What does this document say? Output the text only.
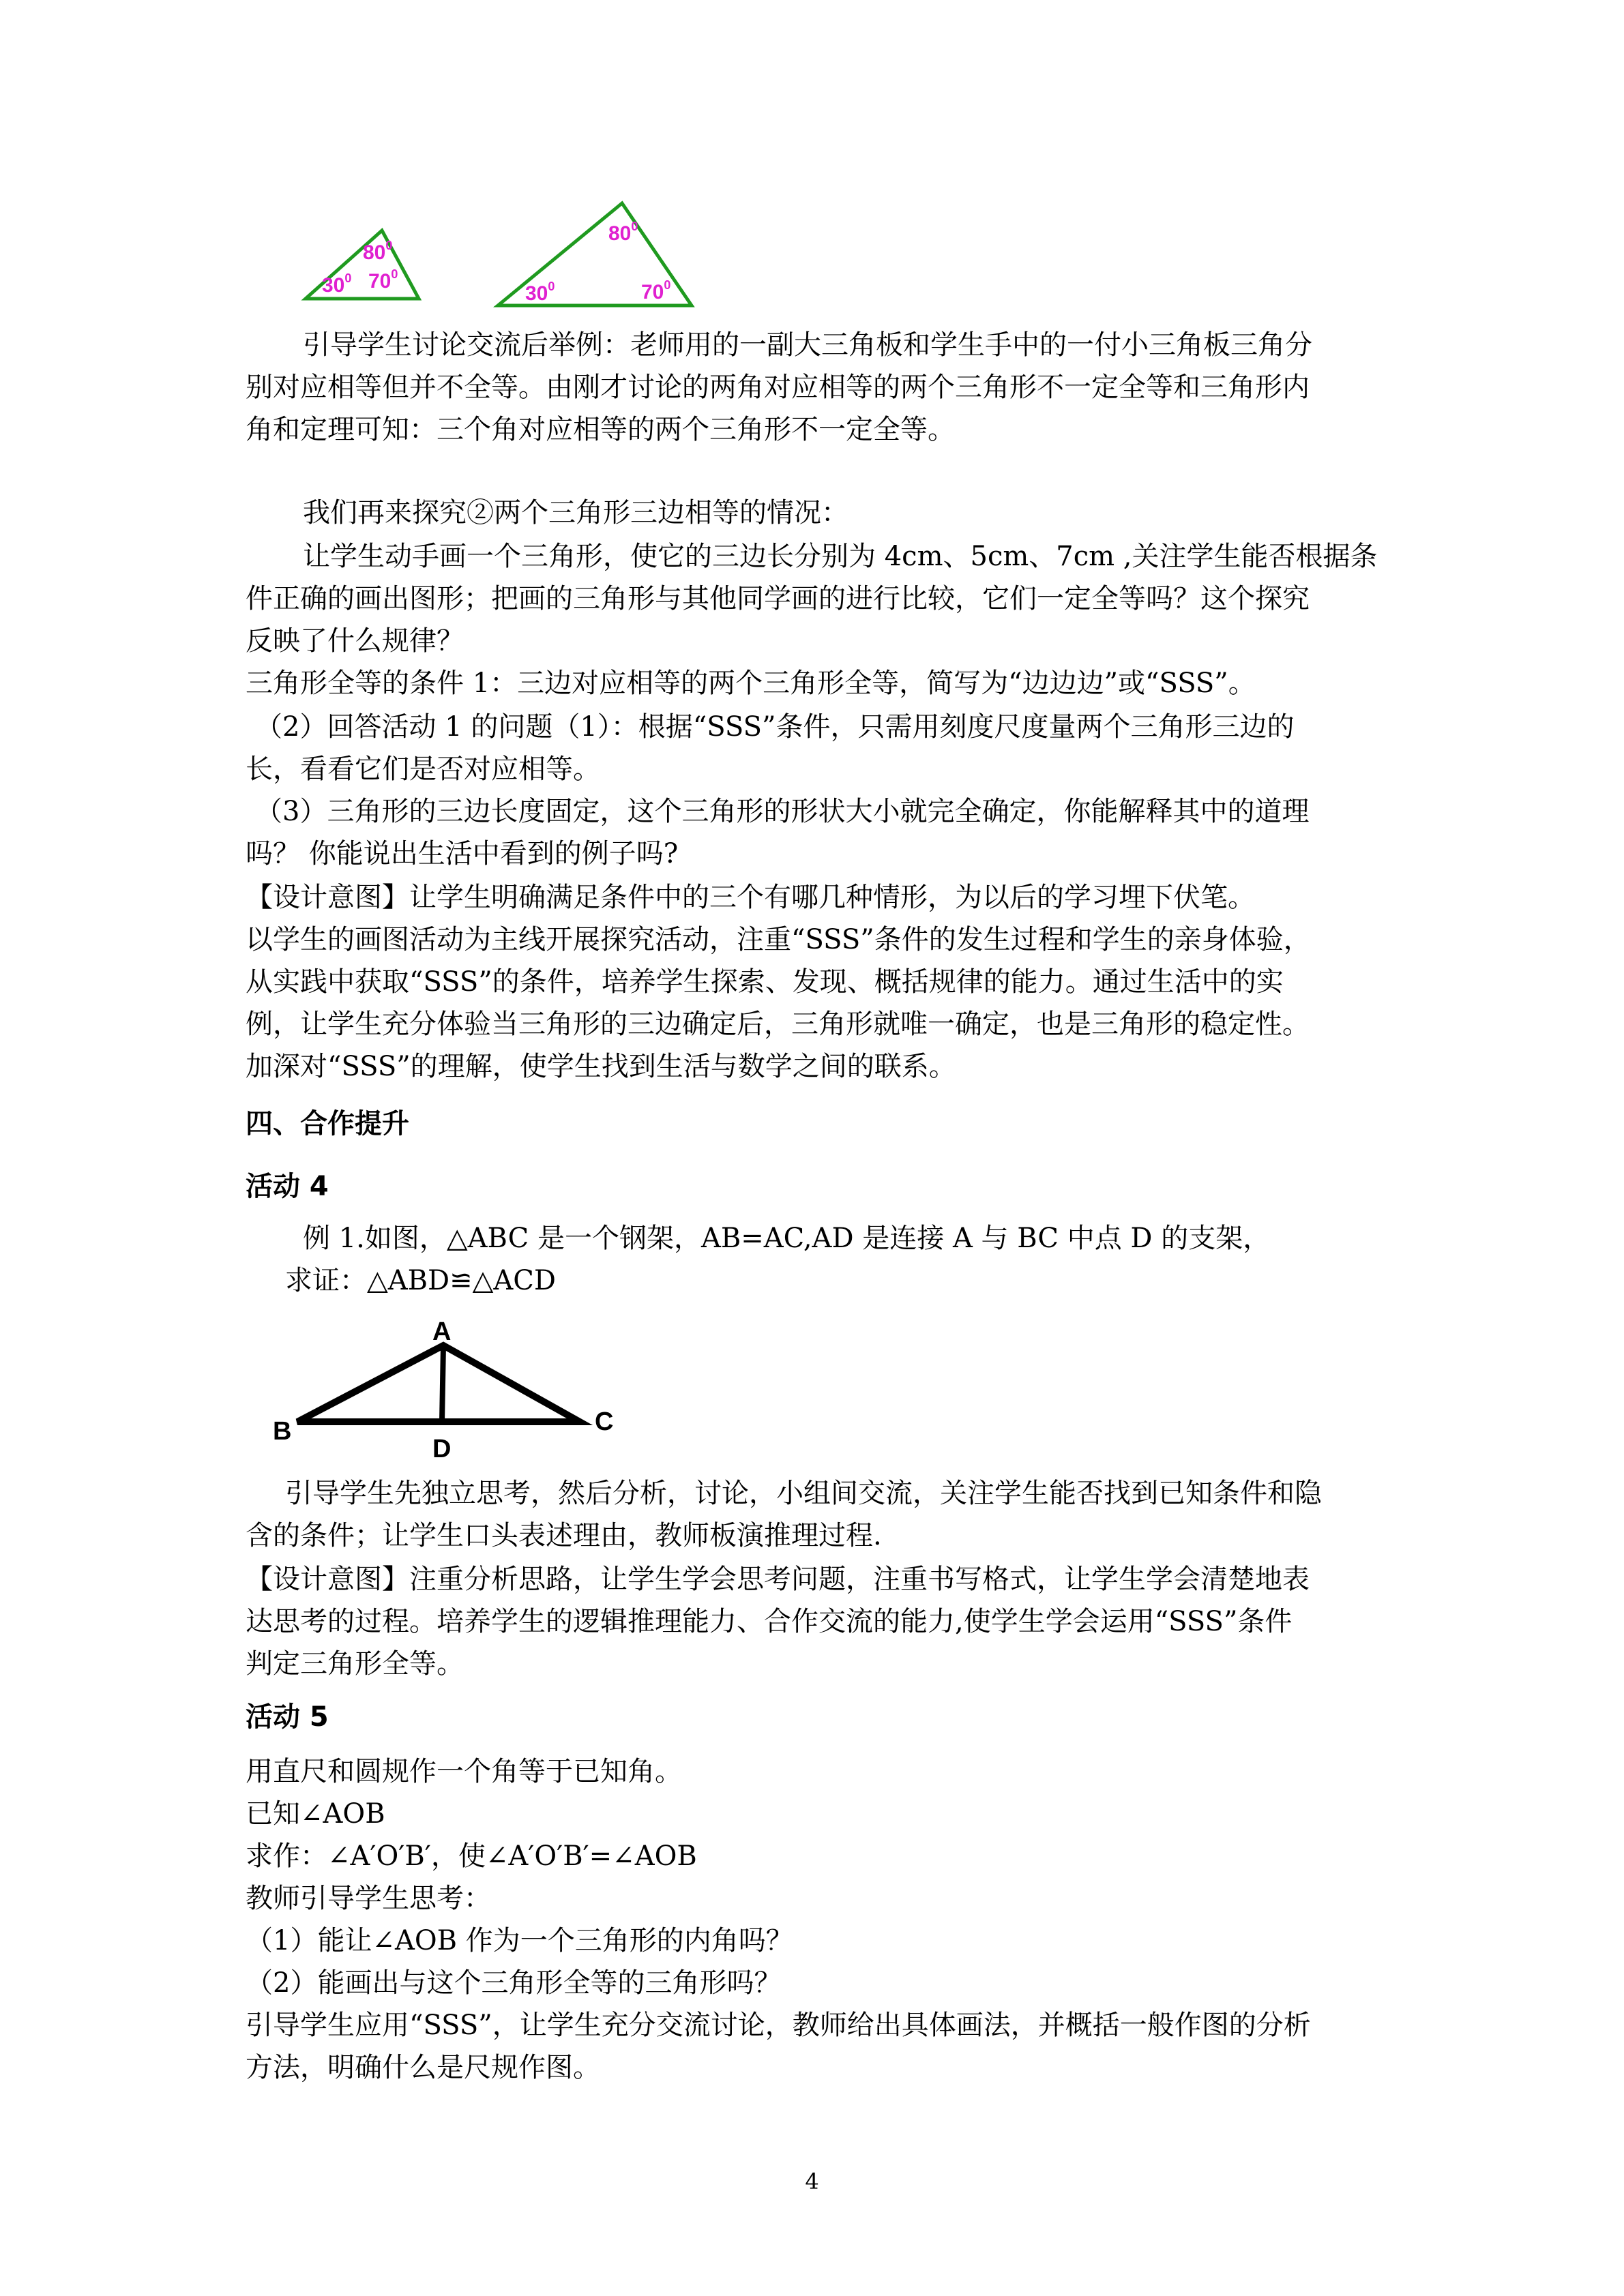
$80^0$
$30^0$ $70^0$
$80^0$
$30^0$	$70^0$
引导学生讨论交流后举例：老师用的一副大三角板和学生手中的一付小三角板三角分
别对应相等但并不全等。由刚才讨论的两角对应相等的两个三角形不一定全等和三角形内
角和定理可知：三个角对应相等的两个三角形不一定全等。
我们再来探究②两个三角形三边相等的情况：
让学生动手画一个三角形，使它的三边长分别为 4cm、5cm、7cm ,关注学生能否根据条
件正确的画出图形；把画的三角形与其他同学画的进行比较，它们一定全等吗？这个探究
反映了什么规律？
三角形全等的条件 1：三边对应相等的两个三角形全等，简写为“边边边”或“SSS”。
（2）回答活动 1 的问题（1）：根据“SSS”条件，只需用刻度尺度量两个三角形三边的
长，看看它们是否对应相等。
（3）三角形的三边长度固定，这个三角形的形状大小就完全确定，你能解释其中的道理
吗？ 你能说出生活中看到的例子吗?
【设计意图】让学生明确满足条件中的三个有哪几种情形，为以后的学习埋下伏笔。
以学生的画图活动为主线开展探究活动，注重“SSS”条件的发生过程和学生的亲身体验，
从实践中获取“SSS”的条件，培养学生探索、发现、概括规律的能力。通过生活中的实
例，让学生充分体验当三角形的三边确定后，三角形就唯一确定，也是三角形的稳定性。
加深对“SSS”的理解，使学生找到生活与数学之间的联系。
四、合作提升
活动 4
例 1.如图，△ABC 是一个钢架，AB=AC,AD 是连接 A 与 BC 中点 D 的支架，
求证：△ABD≌△ACD
A
B	C
D
引导学生先独立思考，然后分析，讨论，小组间交流，关注学生能否找到已知条件和隐
含的条件；让学生口头表述理由，教师板演推理过程.
【设计意图】注重分析思路，让学生学会思考问题，注重书写格式，让学生学会清楚地表
达思考的过程。培养学生的逻辑推理能力、合作交流的能力,使学生学会运用“SSS”条件
判定三角形全等。
活动 5
用直尺和圆规作一个角等于已知角。
已知∠AOB
求作：∠A′O′B′，使∠A′O′B′=∠AOB
教师引导学生思考：
（1）能让∠AOB 作为一个三角形的内角吗？
（2）能画出与这个三角形全等的三角形吗？
引导学生应用“SSS”，让学生充分交流讨论，教师给出具体画法，并概括一般作图的分析
方法，明确什么是尺规作图。
4
